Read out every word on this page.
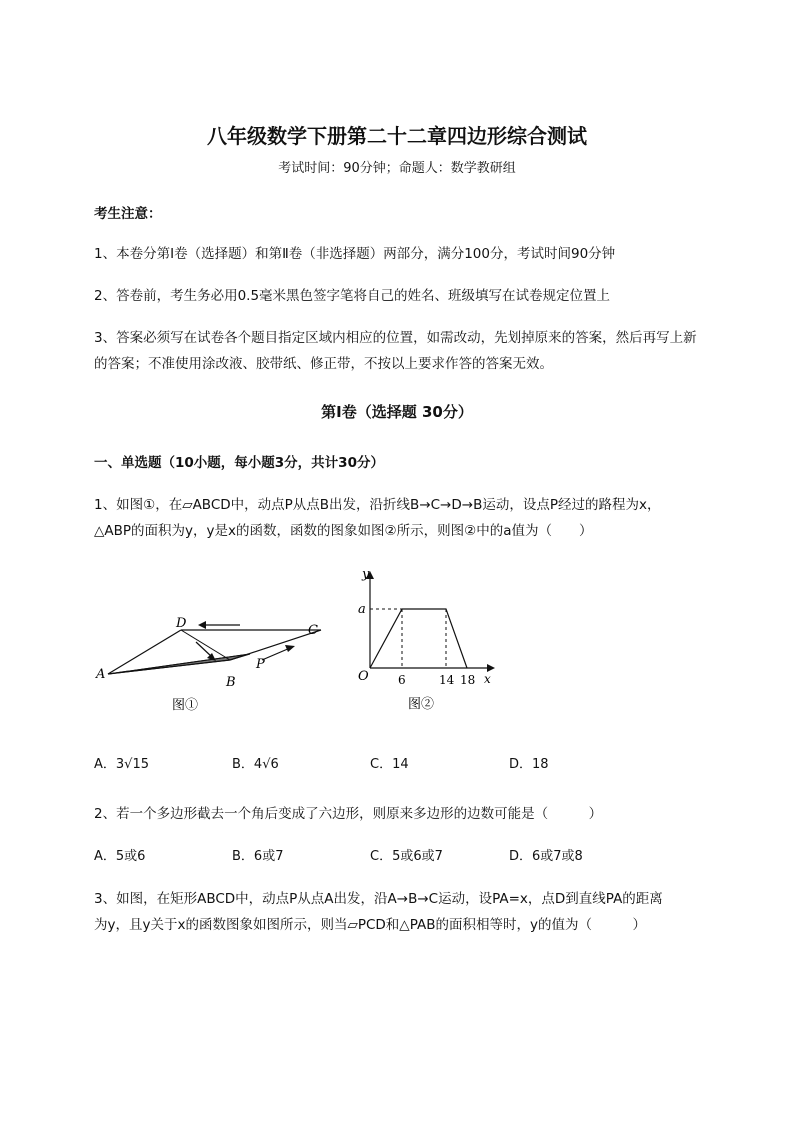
八年级数学下册第二十二章四边形综合测试
考试时间：90分钟；命题人：数学教研组
考生注意：
1、本卷分第I卷（选择题）和第Ⅱ卷（非选择题）两部分，满分100分，考试时间90分钟
2、答卷前，考生务必用0.5毫米黑色签字笔将自己的姓名、班级填写在试卷规定位置上
3、答案必须写在试卷各个题目指定区域内相应的位置，如需改动，先划掉原来的答案，然后再写上新
的答案；不准使用涂改液、胶带纸、修正带，不按以上要求作答的答案无效。
第I卷（选择题 30分）
一、单选题（10小题，每小题3分，共计30分）
1、如图①，在▱ABCD中，动点P从点B出发，沿折线B→C→D→B运动，设点P经过的路程为x，
△ABP的面积为y，y是x的函数，函数的图象如图②所示，则图②中的a值为（　　）
A
B
C
D
P
图①
y
x
O
a
6	14 18
图②
A．3√15	B．4√6	C．14	D．18
2、若一个多边形截去一个角后变成了六边形，则原来多边形的边数可能是（　　　）
A．5或6	B．6或7	C．5或6或7	D．6或7或8
3、如图，在矩形ABCD中，动点P从点A出发，沿A→B→C运动，设PA=x，点D到直线PA的距离
为y，且y关于x的函数图象如图所示，则当▱PCD和△PAB的面积相等时，y的值为（　　　）
